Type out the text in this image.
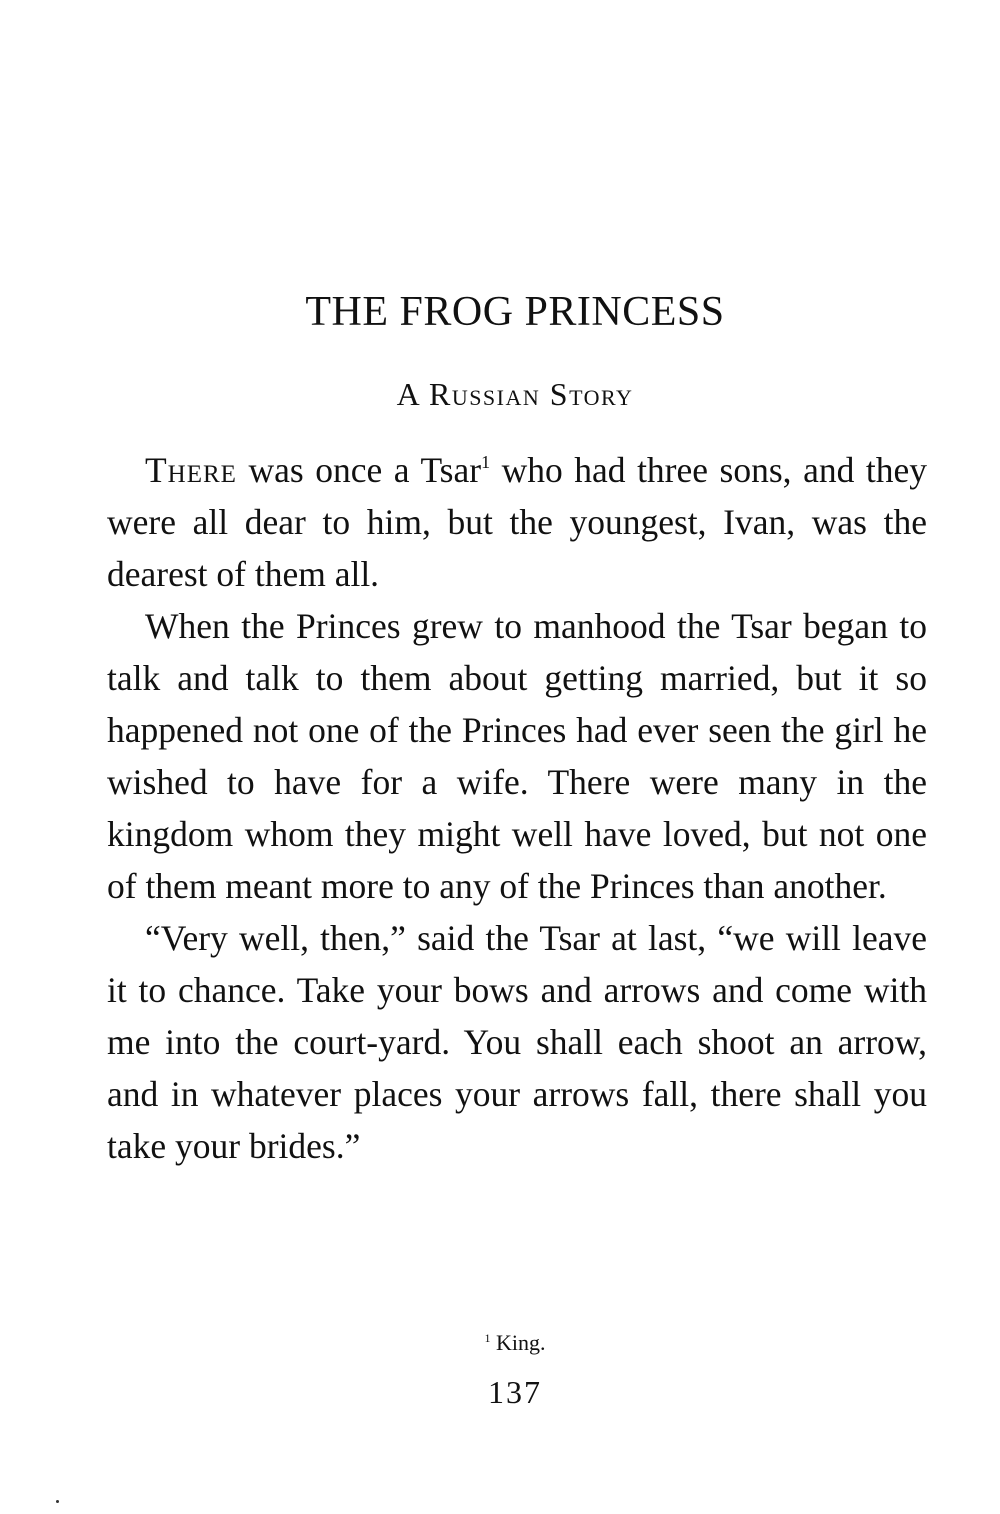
THE FROG PRINCESS
A Russian Story

There was once a Tsar$^1$ who had three sons, and they were all dear to him, but the youngest, Ivan, was the dearest of them all.

When the Princes grew to manhood the Tsar began to talk and talk to them about getting married, but it so happened not one of the Princes had ever seen the girl he wished to have for a wife. There were many in the kingdom whom they might well have loved, but not one of them meant more to any of the Princes than another.

“Very well, then,” said the Tsar at last, “we will leave it to chance. Take your bows and arrows and come with me into the court-yard. You shall each shoot an arrow, and in whatever places your arrows fall, there shall you take your brides.”

$^1$ King.
137
